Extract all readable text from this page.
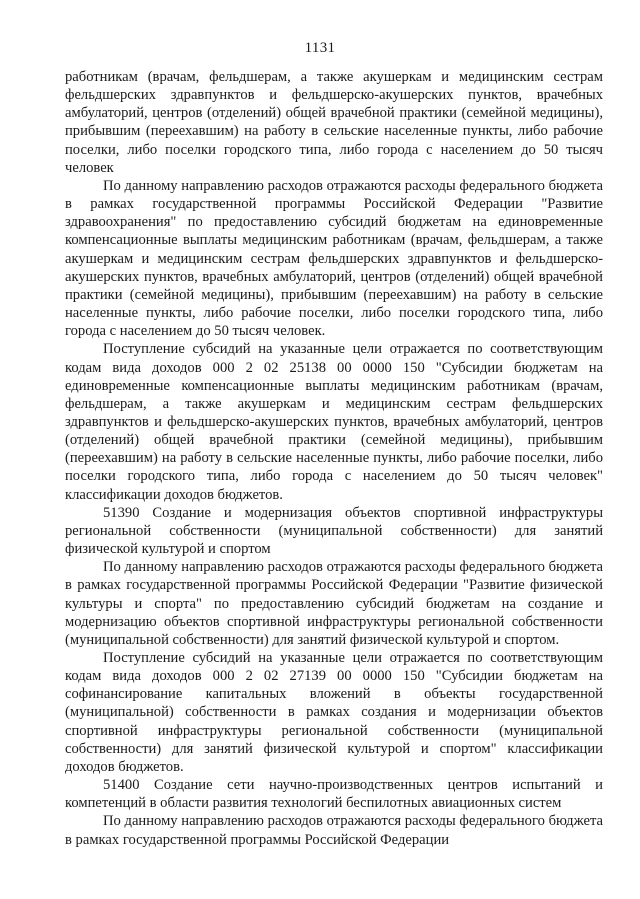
1131

работникам (врачам, фельдшерам, а также акушеркам и медицинским сестрам фельдшерских здравпунктов и фельдшерско-акушерских пунктов, врачебных амбулаторий, центров (отделений) общей врачебной практики (семейной медицины), прибывшим (переехавшим) на работу в сельские населенные пункты, либо рабочие поселки, либо поселки городского типа, либо города с населением до 50 тысяч человек

По данному направлению расходов отражаются расходы федерального бюджета в рамках государственной программы Российской Федерации "Развитие здравоохранения" по предоставлению субсидий бюджетам на единовременные компенсационные выплаты медицинским работникам (врачам, фельдшерам, а также акушеркам и медицинским сестрам фельдшерских здравпунктов и фельдшерско-акушерских пунктов, врачебных амбулаторий, центров (отделений) общей врачебной практики (семейной медицины), прибывшим (переехавшим) на работу в сельские населенные пункты, либо рабочие поселки, либо поселки городского типа, либо города с населением до 50 тысяч человек.

Поступление субсидий на указанные цели отражается по соответствующим кодам вида доходов 000 2 02 25138 00 0000 150 "Субсидии бюджетам на единовременные компенсационные выплаты медицинским работникам (врачам, фельдшерам, а также акушеркам и медицинским сестрам фельдшерских здравпунктов и фельдшерско-акушерских пунктов, врачебных амбулаторий, центров (отделений) общей врачебной практики (семейной медицины), прибывшим (переехавшим) на работу в сельские населенные пункты, либо рабочие поселки, либо поселки городского типа, либо города с населением до 50 тысяч человек" классификации доходов бюджетов.

51390 Создание и модернизация объектов спортивной инфраструктуры региональной собственности (муниципальной собственности) для занятий физической культурой и спортом

По данному направлению расходов отражаются расходы федерального бюджета в рамках государственной программы Российской Федерации "Развитие физической культуры и спорта" по предоставлению субсидий бюджетам на создание и модернизацию объектов спортивной инфраструктуры региональной собственности (муниципальной собственности) для занятий физической культурой и спортом.

Поступление субсидий на указанные цели отражается по соответствующим кодам вида доходов 000 2 02 27139 00 0000 150 "Субсидии бюджетам на софинансирование капитальных вложений в объекты государственной (муниципальной) собственности в рамках создания и модернизации объектов спортивной инфраструктуры региональной собственности (муниципальной собственности) для занятий физической культурой и спортом" классификации доходов бюджетов.

51400 Создание сети научно-производственных центров испытаний и компетенций в области развития технологий беспилотных авиационных систем

По данному направлению расходов отражаются расходы федерального бюджета в рамках государственной программы Российской Федерации
